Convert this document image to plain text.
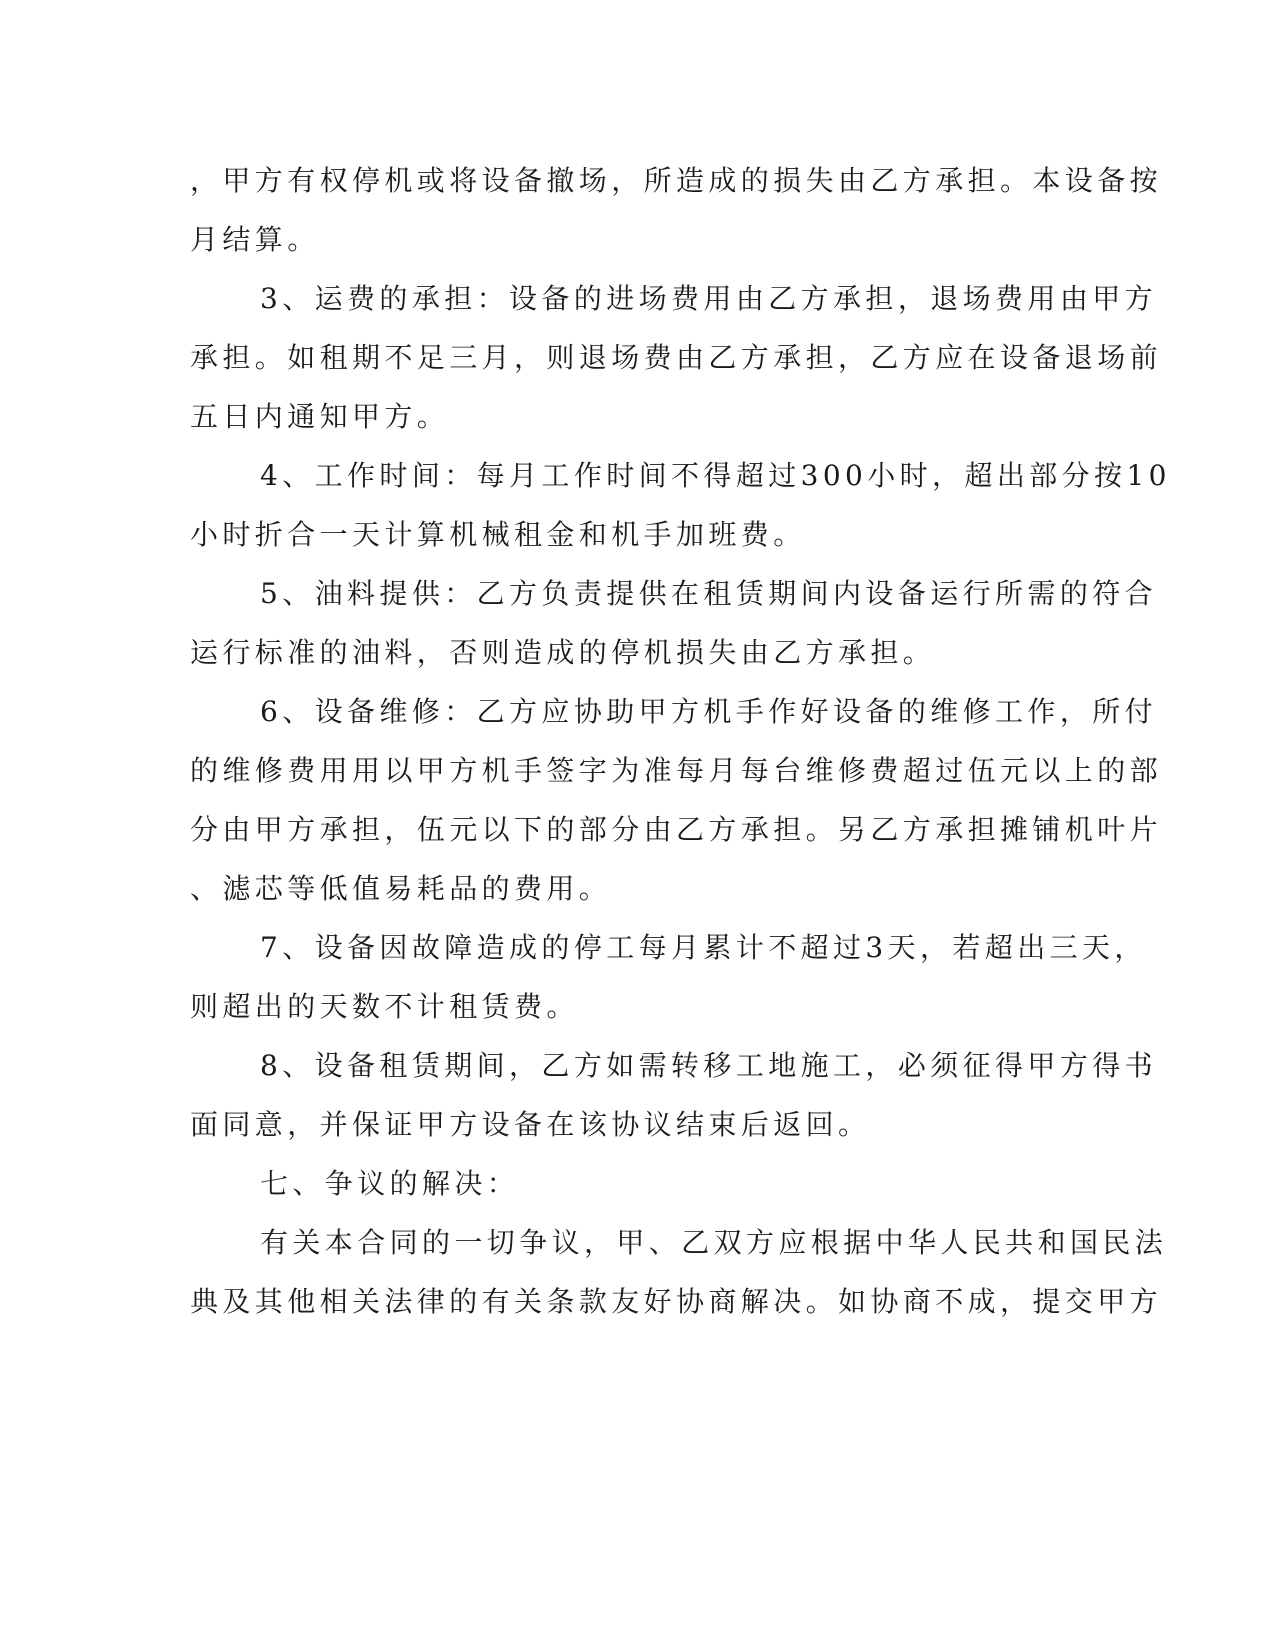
，甲方有权停机或将设备撤场，所造成的损失由乙方承担。本设备按
月结算。
3、运费的承担：设备的进场费用由乙方承担，退场费用由甲方
承担。如租期不足三月，则退场费由乙方承担，乙方应在设备退场前
五日内通知甲方。
4、工作时间：每月工作时间不得超过300小时，超出部分按10
小时折合一天计算机械租金和机手加班费。
5、油料提供：乙方负责提供在租赁期间内设备运行所需的符合
运行标准的油料，否则造成的停机损失由乙方承担。
6、设备维修：乙方应协助甲方机手作好设备的维修工作，所付
的维修费用用以甲方机手签字为准每月每台维修费超过伍元以上的部
分由甲方承担，伍元以下的部分由乙方承担。另乙方承担摊铺机叶片
、滤芯等低值易耗品的费用。
7、设备因故障造成的停工每月累计不超过3天，若超出三天，
则超出的天数不计租赁费。
8、设备租赁期间，乙方如需转移工地施工，必须征得甲方得书
面同意，并保证甲方设备在该协议结束后返回。
七、争议的解决：
有关本合同的一切争议，甲、乙双方应根据中华人民共和国民法
典及其他相关法律的有关条款友好协商解决。如协商不成，提交甲方
